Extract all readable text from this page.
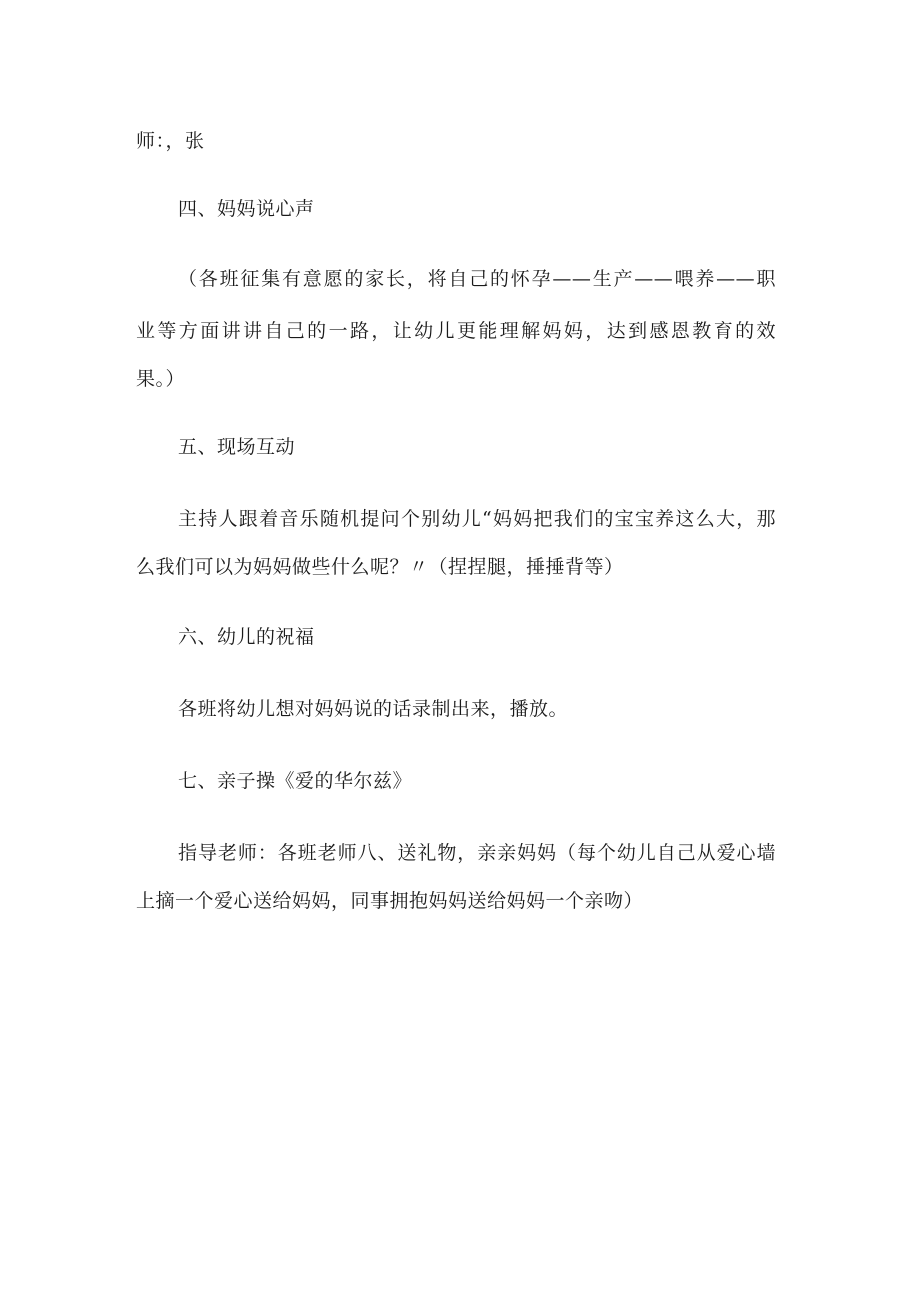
师：，张
四、妈妈说心声
（各班征集有意愿的家长，将自己的怀孕——生产——喂养——职
业等方面讲讲自己的一路，让幼儿更能理解妈妈，达到感恩教育的效
果。）
五、现场互动
主持人跟着音乐随机提问个别幼儿“妈妈把我们的宝宝养这么大，那
么我们可以为妈妈做些什么呢？〃（捏捏腿，捶捶背等）
六、幼儿的祝福
各班将幼儿想对妈妈说的话录制出来，播放。
七、亲子操《爱的华尔兹》
指导老师：各班老师八、送礼物，亲亲妈妈（每个幼儿自己从爱心墙
上摘一个爱心送给妈妈，同事拥抱妈妈送给妈妈一个亲吻）
